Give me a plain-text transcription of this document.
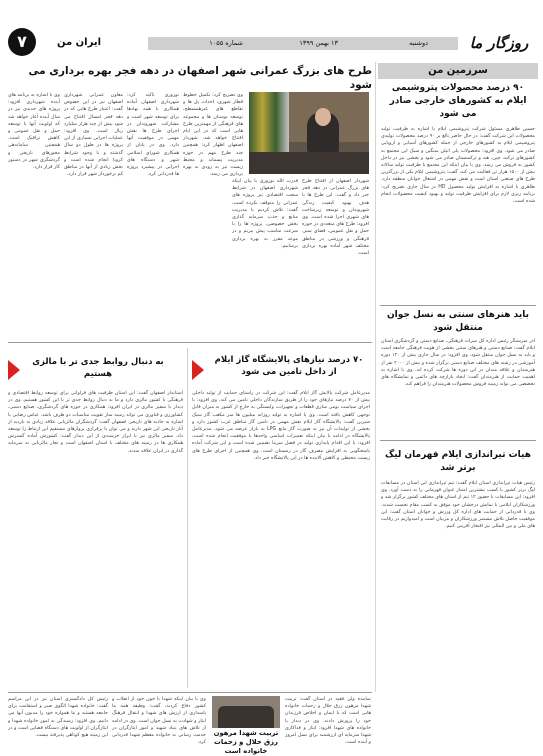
روزگار ما
دوشنبه
۱۳ بهمن ۱۳۹۹
شماره ۱۰۵۵
ایران من
۷
سرزمین من
۹۰ درصد محصولات پتروشیمی ایلام به کشورهای خارجی صادر می شود
حسین طاهری مسئول شرکت پتروشیمی ایلام با اشاره به ظرفیت تولید محصولات این شرکت گفت: در حال حاضر بالغ بر ۹۰ درصد محصولات تولیدی پتروشیمی ایلام به کشورهای خارجی از جمله کشورهای آسیایی و اروپایی صادر می شود. وی افزود: محصولات پلی اتیلن سنگین و سبک این مجتمع به کشورهای ترکیه، چین، هند و ترکمنستان صادر می شود و بخشی نیز در داخل کشور به فروش می رسد. وی با بیان اینکه این مجتمع با ظرفیت تولید سالانه بیش از ۱۵۰۰ هزار تن فعالیت می کند، گفت: پتروشیمی ایلام یکی از بزرگترین طرح های صنعتی استان است و نقش مهمی در اشتغال جوانان منطقه دارد. طاهری با اشاره به افزایش تولید محصول HD در سال جاری تصریح کرد: برنامه ریزی لازم برای افزایش ظرفیت تولید و بهبود کیفیت محصولات انجام شده است.
باید هنرهای سنتی به نسل جوان منتقل شود
آذر میرسنگر رئیس اداره کل میراث فرهنگی، صنایع دستی و گردشگری استان ایلام گفت: صنایع دستی و هنرهای سنتی بخشی از هویت فرهنگی جامعه است و باید به نسل جوان منتقل شود. وی افزود: در سال جاری بیش از ۱۲۰ دوره آموزشی در رشته های مختلف صنایع دستی برگزار شده و بیش از ۲۰۰۰ نفر از هنرمندان و علاقه مندان در این دوره ها شرکت کرده اند. وی با اشاره به اهمیت حمایت از هنرمندان گفت: ایجاد بازارچه های دائمی و نمایشگاه های تخصصی می تواند زمینه فروش محصولات هنرمندان را فراهم کند.
هیات تیراندازی ایلام قهرمان لیگ برتر شد
رئیس هیات تیراندازی استان ایلام گفت: تیم تیراندازی این استان در مسابقات لیگ برتر کشور با کسب بیشترین امتیاز عنوان قهرمانی را به دست آورد. وی افزود: این مسابقات با حضور ۱۲ تیم از استان های مختلف کشور برگزار شد و ورزشکاران ایلامی با نمایش درخشان خود موفق به کسب مقام نخست شدند. وی با قدردانی از حمایت های اداره کل ورزش و جوانان استان گفت: این موفقیت حاصل تلاش مستمر ورزشکاران و مربیان است و امیدواریم در رقابت های ملی و بین المللی نیز افتخار آفرینی کنیم.
طرح های بزرگ عمرانی شهر اصفهان در دهه فجر بهره برداری می شود
شهردار اصفهان از افتتاح طرح های بزرگ عمرانی در دهه فجر خبر داد و گفت: این طرح ها با هدف بهبود کیفیت زندگی شهروندان و توسعه زیرساخت های شهری اجرا شده است. وی افزود: طرح های متعددی در حوزه حمل و نقل عمومی، فضای سبز، فرهنگی و ورزشی در مناطق مختلف شهر آماده بهره برداری است.
قدرت الله نوروزی با بیان اینکه شهرداری اصفهان در شرایط سخت اقتصادی نیز پروژه های عمرانی را متوقف نکرده است، گفت: تلاش کردیم با مدیریت منابع و جذب سرمایه گذاری بخش خصوصی، پروژه ها را با سرعت مناسب پیش ببریم و در موعد مقرر به بهره برداری برسانیم.
وی تصریح کرد: تکمیل خطوط قطار شهری، احداث پل ها و تقاطع های غیرهمسطح، توسعه بوستان ها و مجموعه های فرهنگی از مهمترین طرح هایی است که در این ایام افتتاح خواهد شد. شهردار اصفهان اظهار کرد: همچنین چند طرح مهم در حوزه مدیریت پسماند و محیط زیست نیز به زودی به بهره برداری می رسد.
نوروزی تأکید کرد: شهرداری اصفهان آماده همکاری با همه نهادها برای توسعه شهر است و مشارکت شهروندان در اجرای طرح ها نقش مهمی در موفقیت آنها دارد. وی در پایان از همکاری شورای اسلامی شهر و دستگاه های اجرایی در پیشبرد پروژه ها قدردانی کرد.
معاون عمرانی شهرداری اصفهان نیز در این خصوص گفت: اعتبار طرح هایی که در دهه فجر امسال افتتاح می شود بیش از چند هزار میلیارد ریال است. وی افزود: عملیات اجرایی بسیاری از این پروژه ها در طول دو سال گذشته و با وجود شرایط کرونا انجام شده است و بخش زیادی از آنها در مناطق کم برخوردار شهر قرار دارد.
وی با اشاره به برنامه های آینده شهرداری افزود: پروژه های جدیدی نیز در سال آینده آغاز خواهد شد که اولویت آنها با توسعه حمل و نقل عمومی و کاهش ترافیک است. همچنین ساماندهی محورهای تاریخی و گردشگری شهر در دستور کار قرار دارد.
به دنبال روابط جدی تر با مالزی هستیم
استاندار اصفهان گفت: این استان ظرفیت های فراوانی برای توسعه روابط اقتصادی و فرهنگی با کشور مالزی دارد و ما به دنبال روابط جدی تر با این کشور هستیم. وی در دیدار با سفیر مالزی در ایران افزود: همکاری در حوزه های گردشگری، صنایع دستی، کشاورزی و فناوری می تواند زمینه ساز تقویت مناسبات دو طرف باشد. عباس رضایی با اشاره به جاذبه های تاریخی اصفهان گفت: گردشگران مالزیایی علاقه زیادی به بازدید از آثار تاریخی این شهر دارند و می توان با برقراری پروازهای مستقیم این ارتباط را توسعه داد. سفیر مالزی نیز با ابراز خرسندی از این دیدار گفت: کشورش آماده گسترش همکاری ها در زمینه های مختلف با استان اصفهان است و تجار مالزیایی به سرمایه گذاری در ایران علاقه مندند.
۷۰ درصد نیازهای پالایشگاه گاز ایلام از داخل تامین می شود
مدیرعامل شرکت پالایش گاز ایلام گفت: این شرکت در راستای حمایت از تولید داخلی بیش از ۷۰ درصد نیازهای خود را از طریق سازندگان داخلی تامین می کند. وی افزود: با اجرای سیاست بومی سازی قطعات و تجهیزات، وابستگی به خارج از کشور به میزان قابل توجهی کاهش یافته است. وی با اشاره به تولید روزانه میلیون ها متر مکعب گاز سبک شیرین گفت: پالایشگاه گاز ایلام نقش مهمی در تامین گاز مناطق غرب کشور دارد و بخشی از تولیدات آن نیز به صورت گاز مایع LPG به بازار عرضه می شود. مدیرعامل پالایشگاه در ادامه با بیان اینکه تعمیرات اساسی واحدها با موفقیت انجام شده است، افزود: با این اقدام پایداری تولید در فصل سرما تضمین شده است و این شرکت آماده پاسخگویی به افزایش مصرف گاز در زمستان است. وی همچنین از اجرای طرح های زیست محیطی و کاهش آلاینده ها در این پالایشگاه خبر داد.
نماینده ولی فقیه در استان گفت: تربیت شهدا مرهون رزق حلال و زحمات خانواده هایی است که با ایمان و اخلاص فرزندان خود را پرورش دادند. وی در دیدار با خانواده های شهدا افزود: ایثار و فداکاری شهدا سرمایه ای ارزشمند برای نسل امروز و آینده است.
تربیت شهدا مرهون رزق حلال و زحمات خانواده است
وی با بیان اینکه شهدا با خون خود از انقلاب و کشور دفاع کردند، گفت: وظیفه همه ما پاسداری از ارزش های شهدا و انتقال فرهنگ ایثار و شهادت به نسل جوان است. وی در ادامه از تلاش های بنیاد شهید و امور ایثارگران در خدمت رسانی به خانواده معظم شهدا قدردانی کرد.
رئیس کل دادگستری استان نیز در این مراسم گفت: خانواده شهدا الگوی صبر و استقامت برای جامعه هستند و ما همواره خود را مدیون آنها می دانیم. وی افزود: رسیدگی به امور خانواده شهدا و ایثارگران از اولویت های دستگاه قضایی است و در این زمینه هیچ کوتاهی پذیرفته نیست.
